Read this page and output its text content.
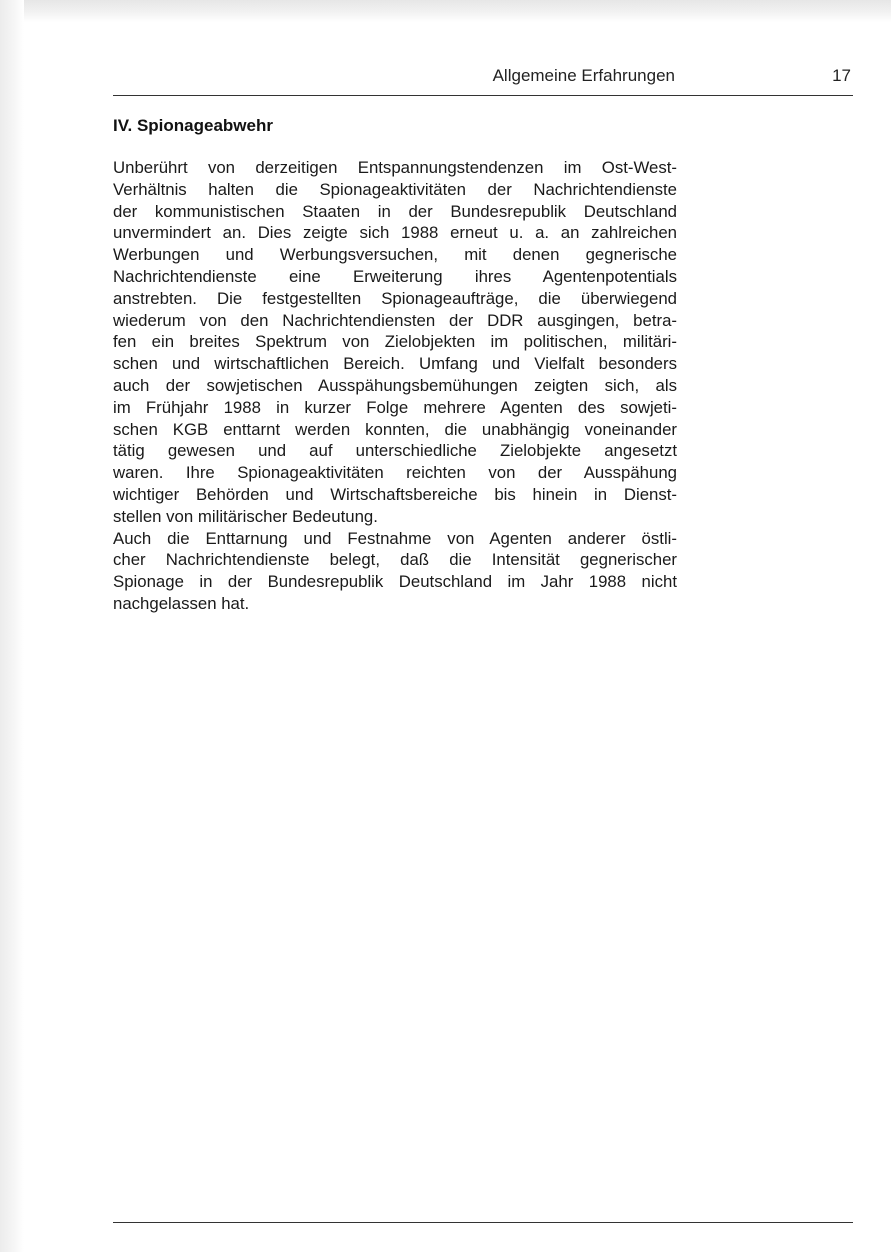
Allgemeine Erfahrungen	17
IV. Spionageabwehr
Unberührt von derzeitigen Entspannungstendenzen im Ost-West-
Verhältnis halten die Spionageaktivitäten der Nachrichtendienste
der kommunistischen Staaten in der Bundesrepublik Deutschland
unvermindert an. Dies zeigte sich 1988 erneut u. a. an zahlreichen
Werbungen und Werbungsversuchen, mit denen gegnerische
Nachrichtendienste eine Erweiterung ihres Agentenpotentials
anstrebten. Die festgestellten Spionageaufträge, die überwiegend
wiederum von den Nachrichtendiensten der DDR ausgingen, betra-
fen ein breites Spektrum von Zielobjekten im politischen, militäri-
schen und wirtschaftlichen Bereich. Umfang und Vielfalt besonders
auch der sowjetischen Ausspähungsbemühungen zeigten sich, als
im Frühjahr 1988 in kurzer Folge mehrere Agenten des sowjeti-
schen KGB enttarnt werden konnten, die unabhängig voneinander
tätig gewesen und auf unterschiedliche Zielobjekte angesetzt
waren. Ihre Spionageaktivitäten reichten von der Ausspähung
wichtiger Behörden und Wirtschaftsbereiche bis hinein in Dienst-
stellen von militärischer Bedeutung.
Auch die Enttarnung und Festnahme von Agenten anderer östli-
cher Nachrichtendienste belegt, daß die Intensität gegnerischer
Spionage in der Bundesrepublik Deutschland im Jahr 1988 nicht
nachgelassen hat.
